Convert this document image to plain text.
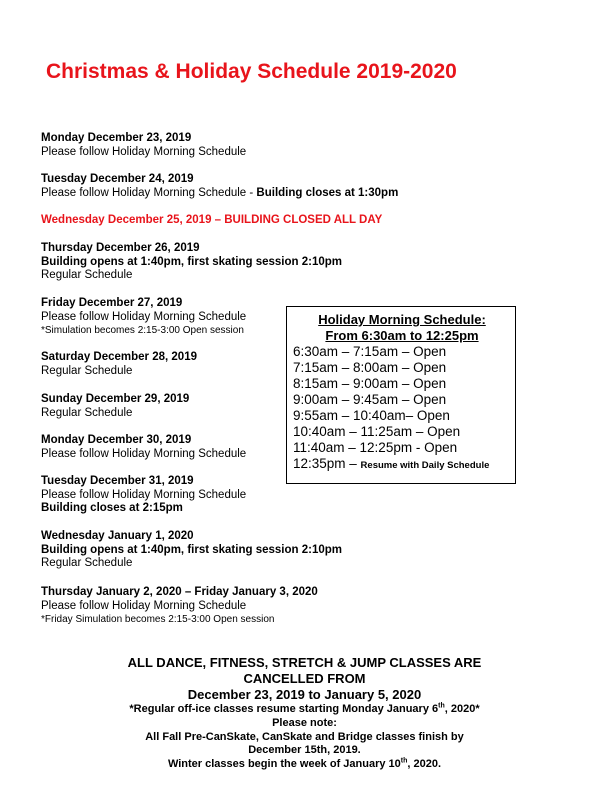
Christmas & Holiday Schedule 2019-2020
Monday December 23, 2019
Please follow Holiday Morning Schedule
Tuesday December 24, 2019
Please follow Holiday Morning Schedule - Building closes at 1:30pm
Wednesday December 25, 2019 – BUILDING CLOSED ALL DAY
Thursday December 26, 2019
Building opens at 1:40pm, first skating session 2:10pm
Regular Schedule
Friday December 27, 2019
Please follow Holiday Morning Schedule
*Simulation becomes 2:15-3:00 Open session
Saturday December 28, 2019
Regular Schedule
Sunday December 29, 2019
Regular Schedule
Monday December 30, 2019
Please follow Holiday Morning Schedule
Tuesday December 31, 2019
Please follow Holiday Morning Schedule
Building closes at 2:15pm
Wednesday January 1, 2020
Building opens at 1:40pm, first skating session 2:10pm
Regular Schedule
Thursday January 2, 2020 – Friday January 3, 2020
Please follow Holiday Morning Schedule
*Friday Simulation becomes 2:15-3:00 Open session
Holiday Morning Schedule:
From 6:30am to 12:25pm
6:30am – 7:15am – Open
7:15am – 8:00am – Open
8:15am – 9:00am – Open
9:00am – 9:45am – Open
9:55am – 10:40am– Open
10:40am – 11:25am – Open
11:40am – 12:25pm - Open
12:35pm – Resume with Daily Schedule
ALL DANCE, FITNESS, STRETCH & JUMP CLASSES ARE
CANCELLED FROM
December 23, 2019 to January 5, 2020
*Regular off-ice classes resume starting Monday January 6th, 2020*
Please note:
All Fall Pre-CanSkate, CanSkate and Bridge classes finish by
December 15th, 2019.
Winter classes begin the week of January 10th, 2020.
